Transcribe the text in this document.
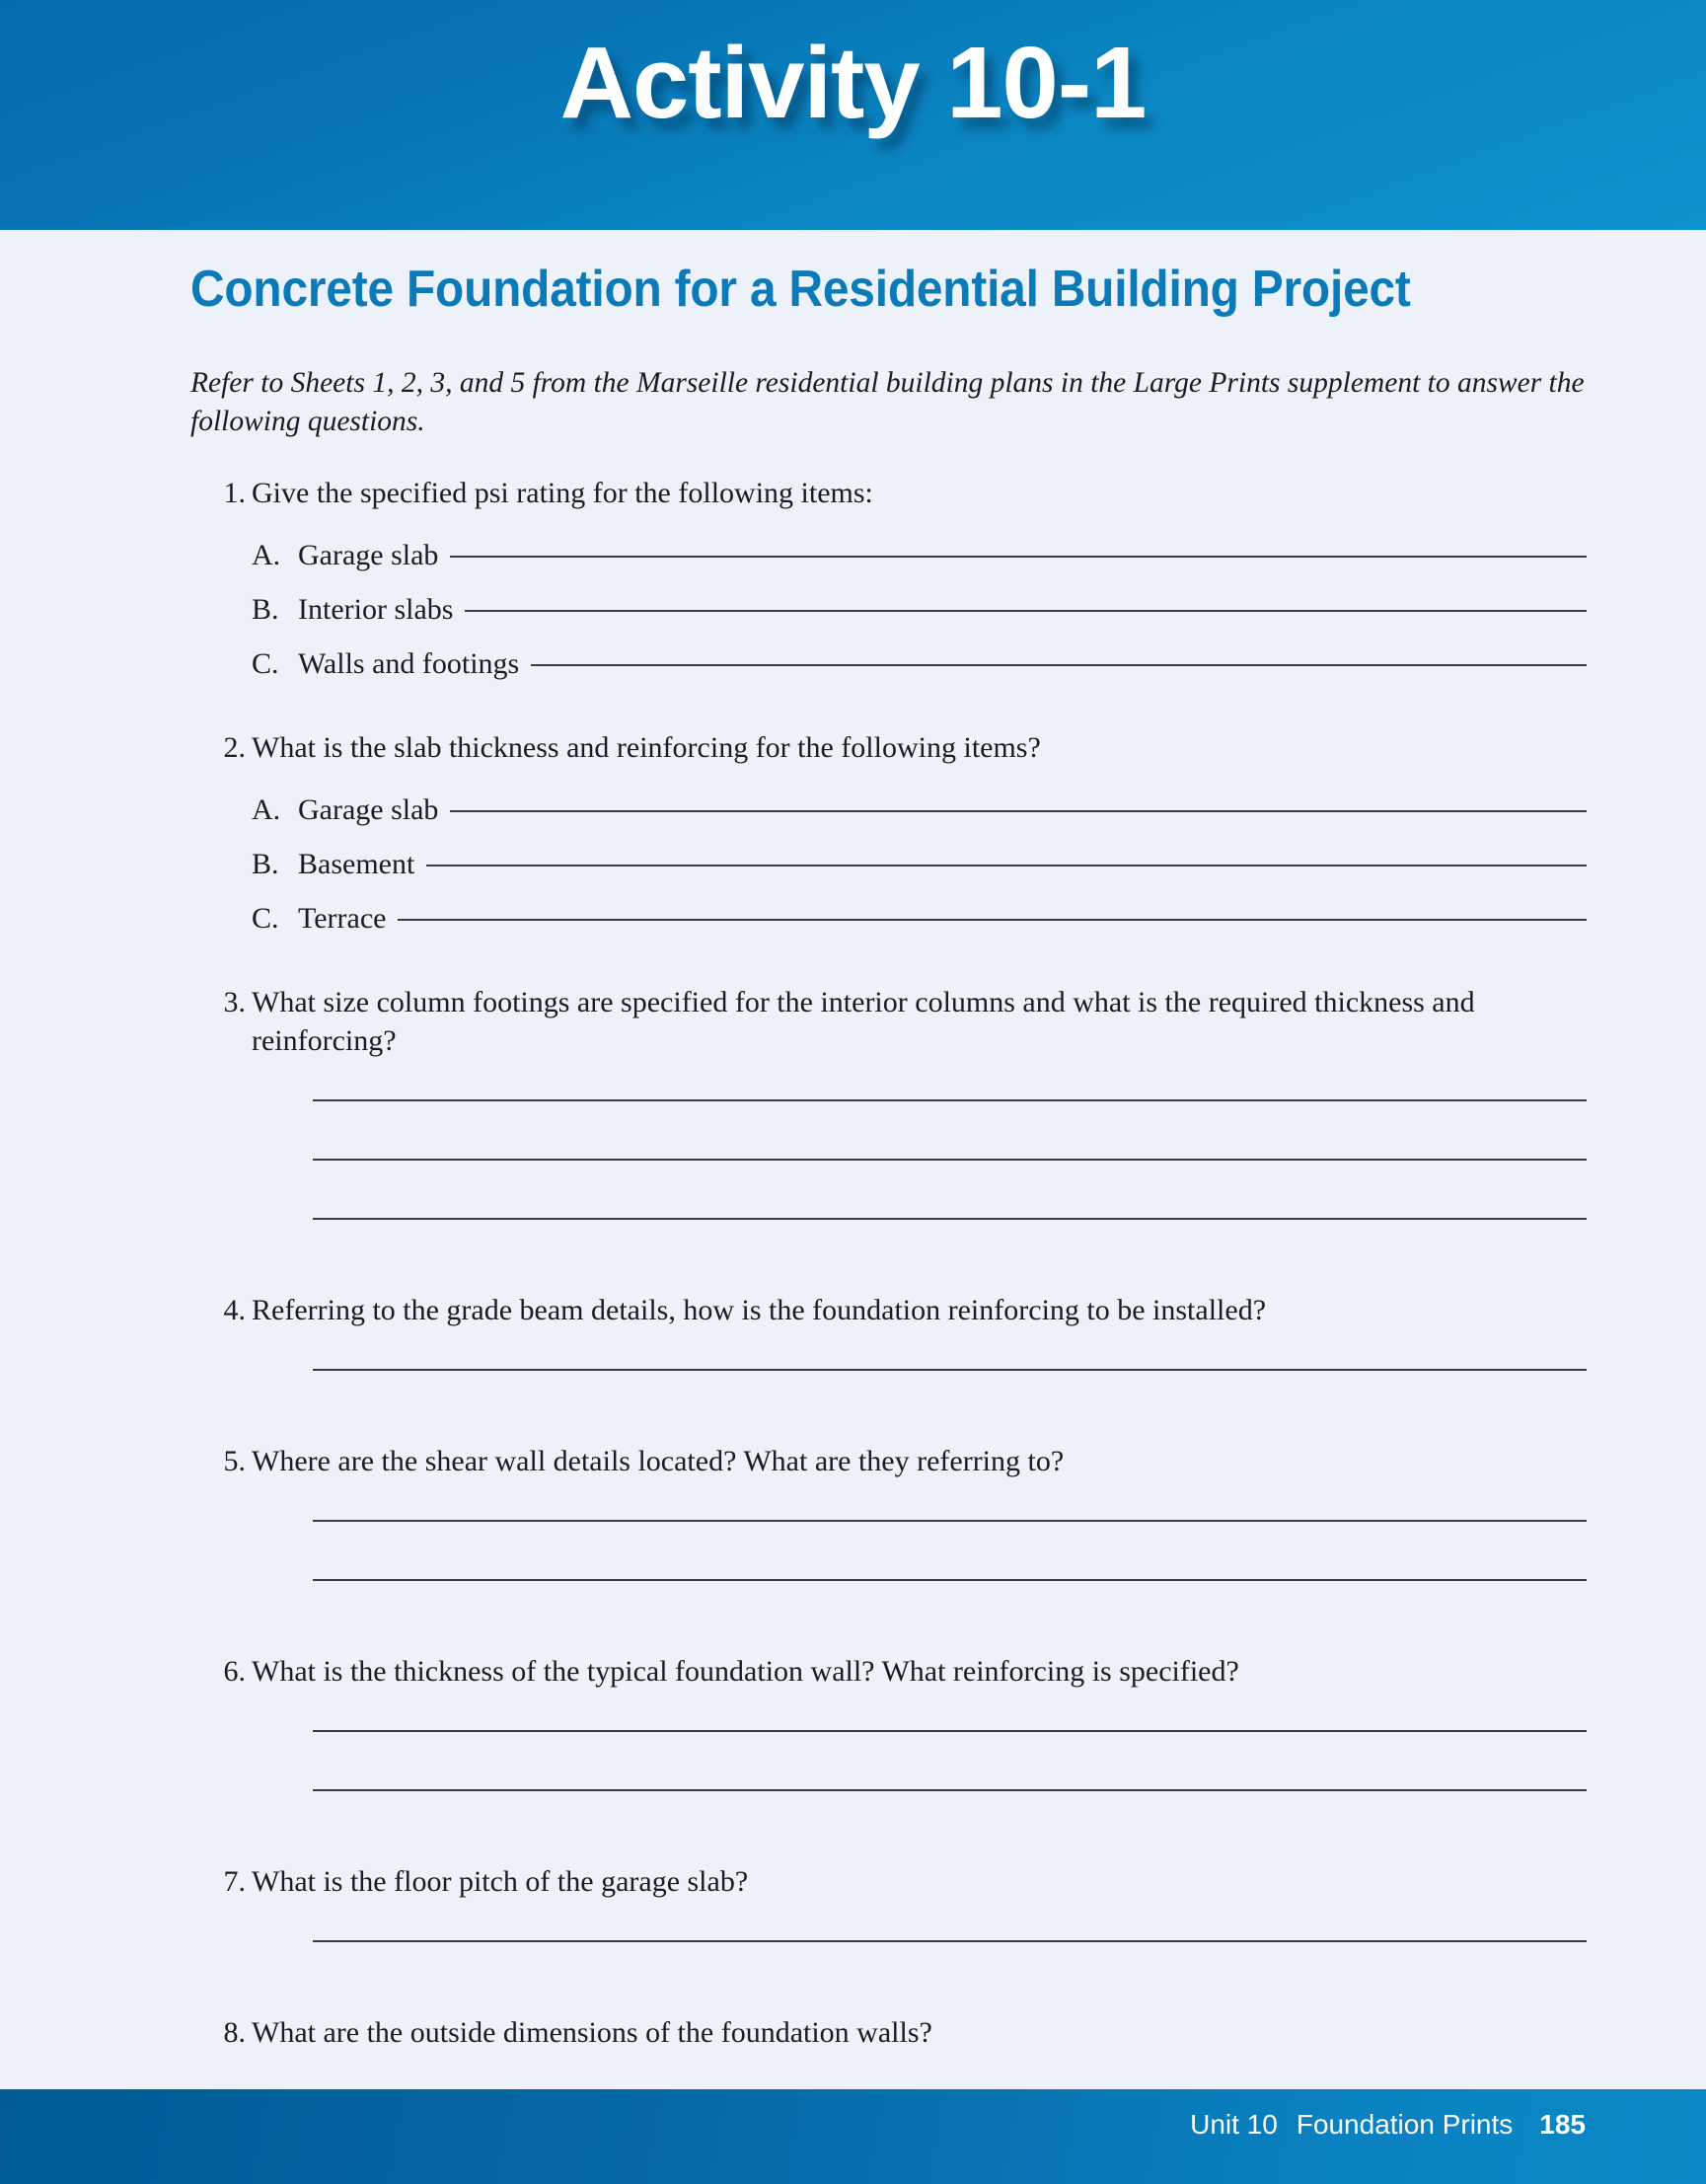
Activity 10-1
Concrete Foundation for a Residential Building Project

Refer to Sheets 1, 2, 3, and 5 from the Marseille residential building plans in the Large Prints supplement to answer the following questions.

1. Give the specified psi rating for the following items:
A. Garage slab
B. Interior slabs
C. Walls and footings
2. What is the slab thickness and reinforcing for the following items?
A. Garage slab
B. Basement
C. Terrace
3. What size column footings are specified for the interior columns and what is the required thickness and reinforcing?
4. Referring to the grade beam details, how is the foundation reinforcing to be installed?
5. Where are the shear wall details located? What are they referring to?
6. What is the thickness of the typical foundation wall? What reinforcing is specified?
7. What is the floor pitch of the garage slab?
8. What are the outside dimensions of the foundation walls?
Unit 10 Foundation Prints 185
